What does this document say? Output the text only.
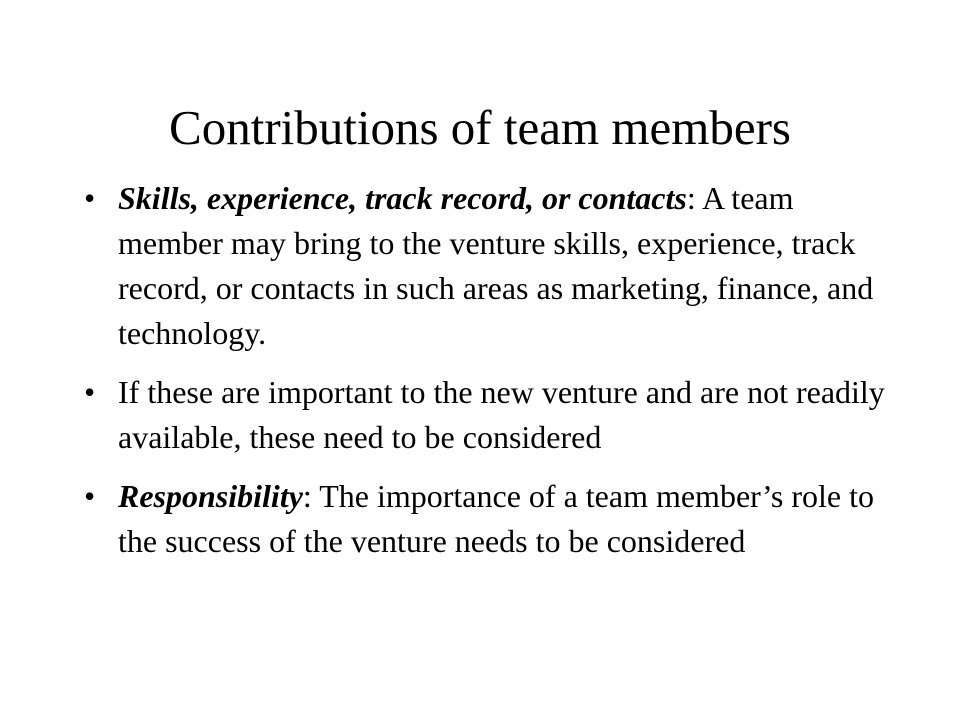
Contributions of team members
• Skills, experience, track record, or contacts: A team member may bring to the venture skills, experience, track record, or contacts in such areas as marketing, finance, and technology.
• If these are important to the new venture and are not readily available, these need to be considered
• Responsibility: The importance of a team member’s role to the success of the venture needs to be considered
